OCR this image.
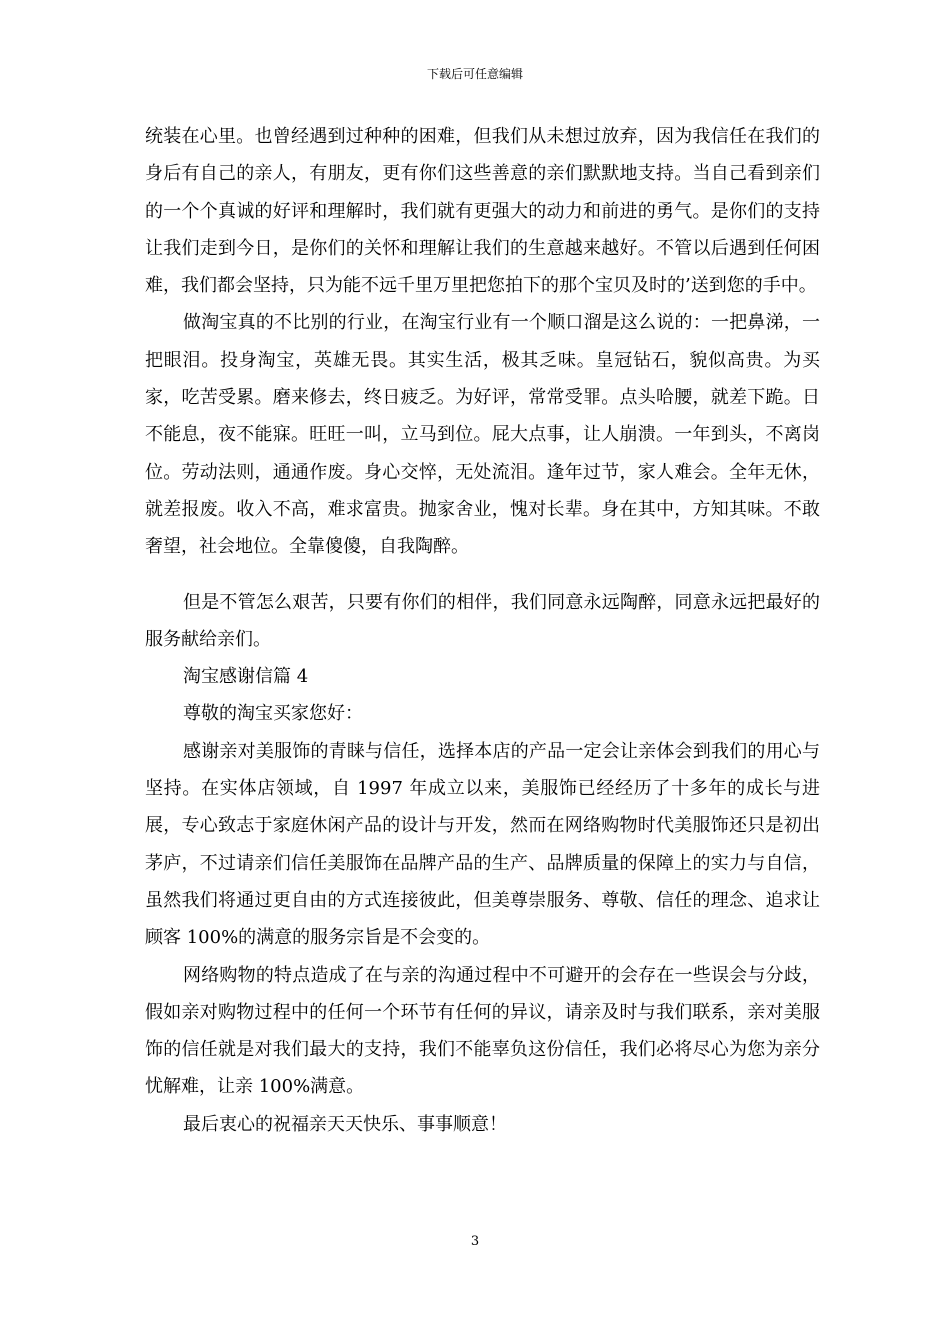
下载后可任意编辑

统装在心里。也曾经遇到过种种的困难，但我们从未想过放弃，因为我信任在我们的身后有自己的亲人，有朋友，更有你们这些善意的亲们默默地支持。当自己看到亲们的一个个真诚的好评和理解时，我们就有更强大的动力和前进的勇气。是你们的支持让我们走到今日，是你们的关怀和理解让我们的生意越来越好。不管以后遇到任何困难，我们都会坚持，只为能不远千里万里把您拍下的那个宝贝及时的’送到您的手中。

做淘宝真的不比别的行业，在淘宝行业有一个顺口溜是这么说的：一把鼻涕，一把眼泪。投身淘宝，英雄无畏。其实生活，极其乏味。皇冠钻石，貌似高贵。为买家，吃苦受累。磨来修去，终日疲乏。为好评，常常受罪。点头哈腰，就差下跪。日不能息，夜不能寐。旺旺一叫，立马到位。屁大点事，让人崩溃。一年到头，不离岗位。劳动法则，通通作废。身心交悴，无处流泪。逢年过节，家人难会。全年无休，就差报废。收入不高，难求富贵。抛家舍业，愧对长辈。身在其中，方知其味。不敢奢望，社会地位。全靠傻傻，自我陶醉。

但是不管怎么艰苦，只要有你们的相伴，我们同意永远陶醉，同意永远把最好的服务献给亲们。

淘宝感谢信篇 4

尊敬的淘宝买家您好：

感谢亲对美服饰的青睐与信任，选择本店的产品一定会让亲体会到我们的用心与坚持。在实体店领域，自 1997 年成立以来，美服饰已经经历了十多年的成长与进展，专心致志于家庭休闲产品的设计与开发，然而在网络购物时代美服饰还只是初出茅庐，不过请亲们信任美服饰在品牌产品的生产、品牌质量的保障上的实力与自信，虽然我们将通过更自由的方式连接彼此，但美尊崇服务、尊敬、信任的理念、追求让顾客 100%的满意的服务宗旨是不会变的。

网络购物的特点造成了在与亲的沟通过程中不可避开的会存在一些误会与分歧，假如亲对购物过程中的任何一个环节有任何的异议，请亲及时与我们联系，亲对美服饰的信任就是对我们最大的支持，我们不能辜负这份信任，我们必将尽心为您为亲分忧解难，让亲 100%满意。

最后衷心的祝福亲天天快乐、事事顺意！

3
